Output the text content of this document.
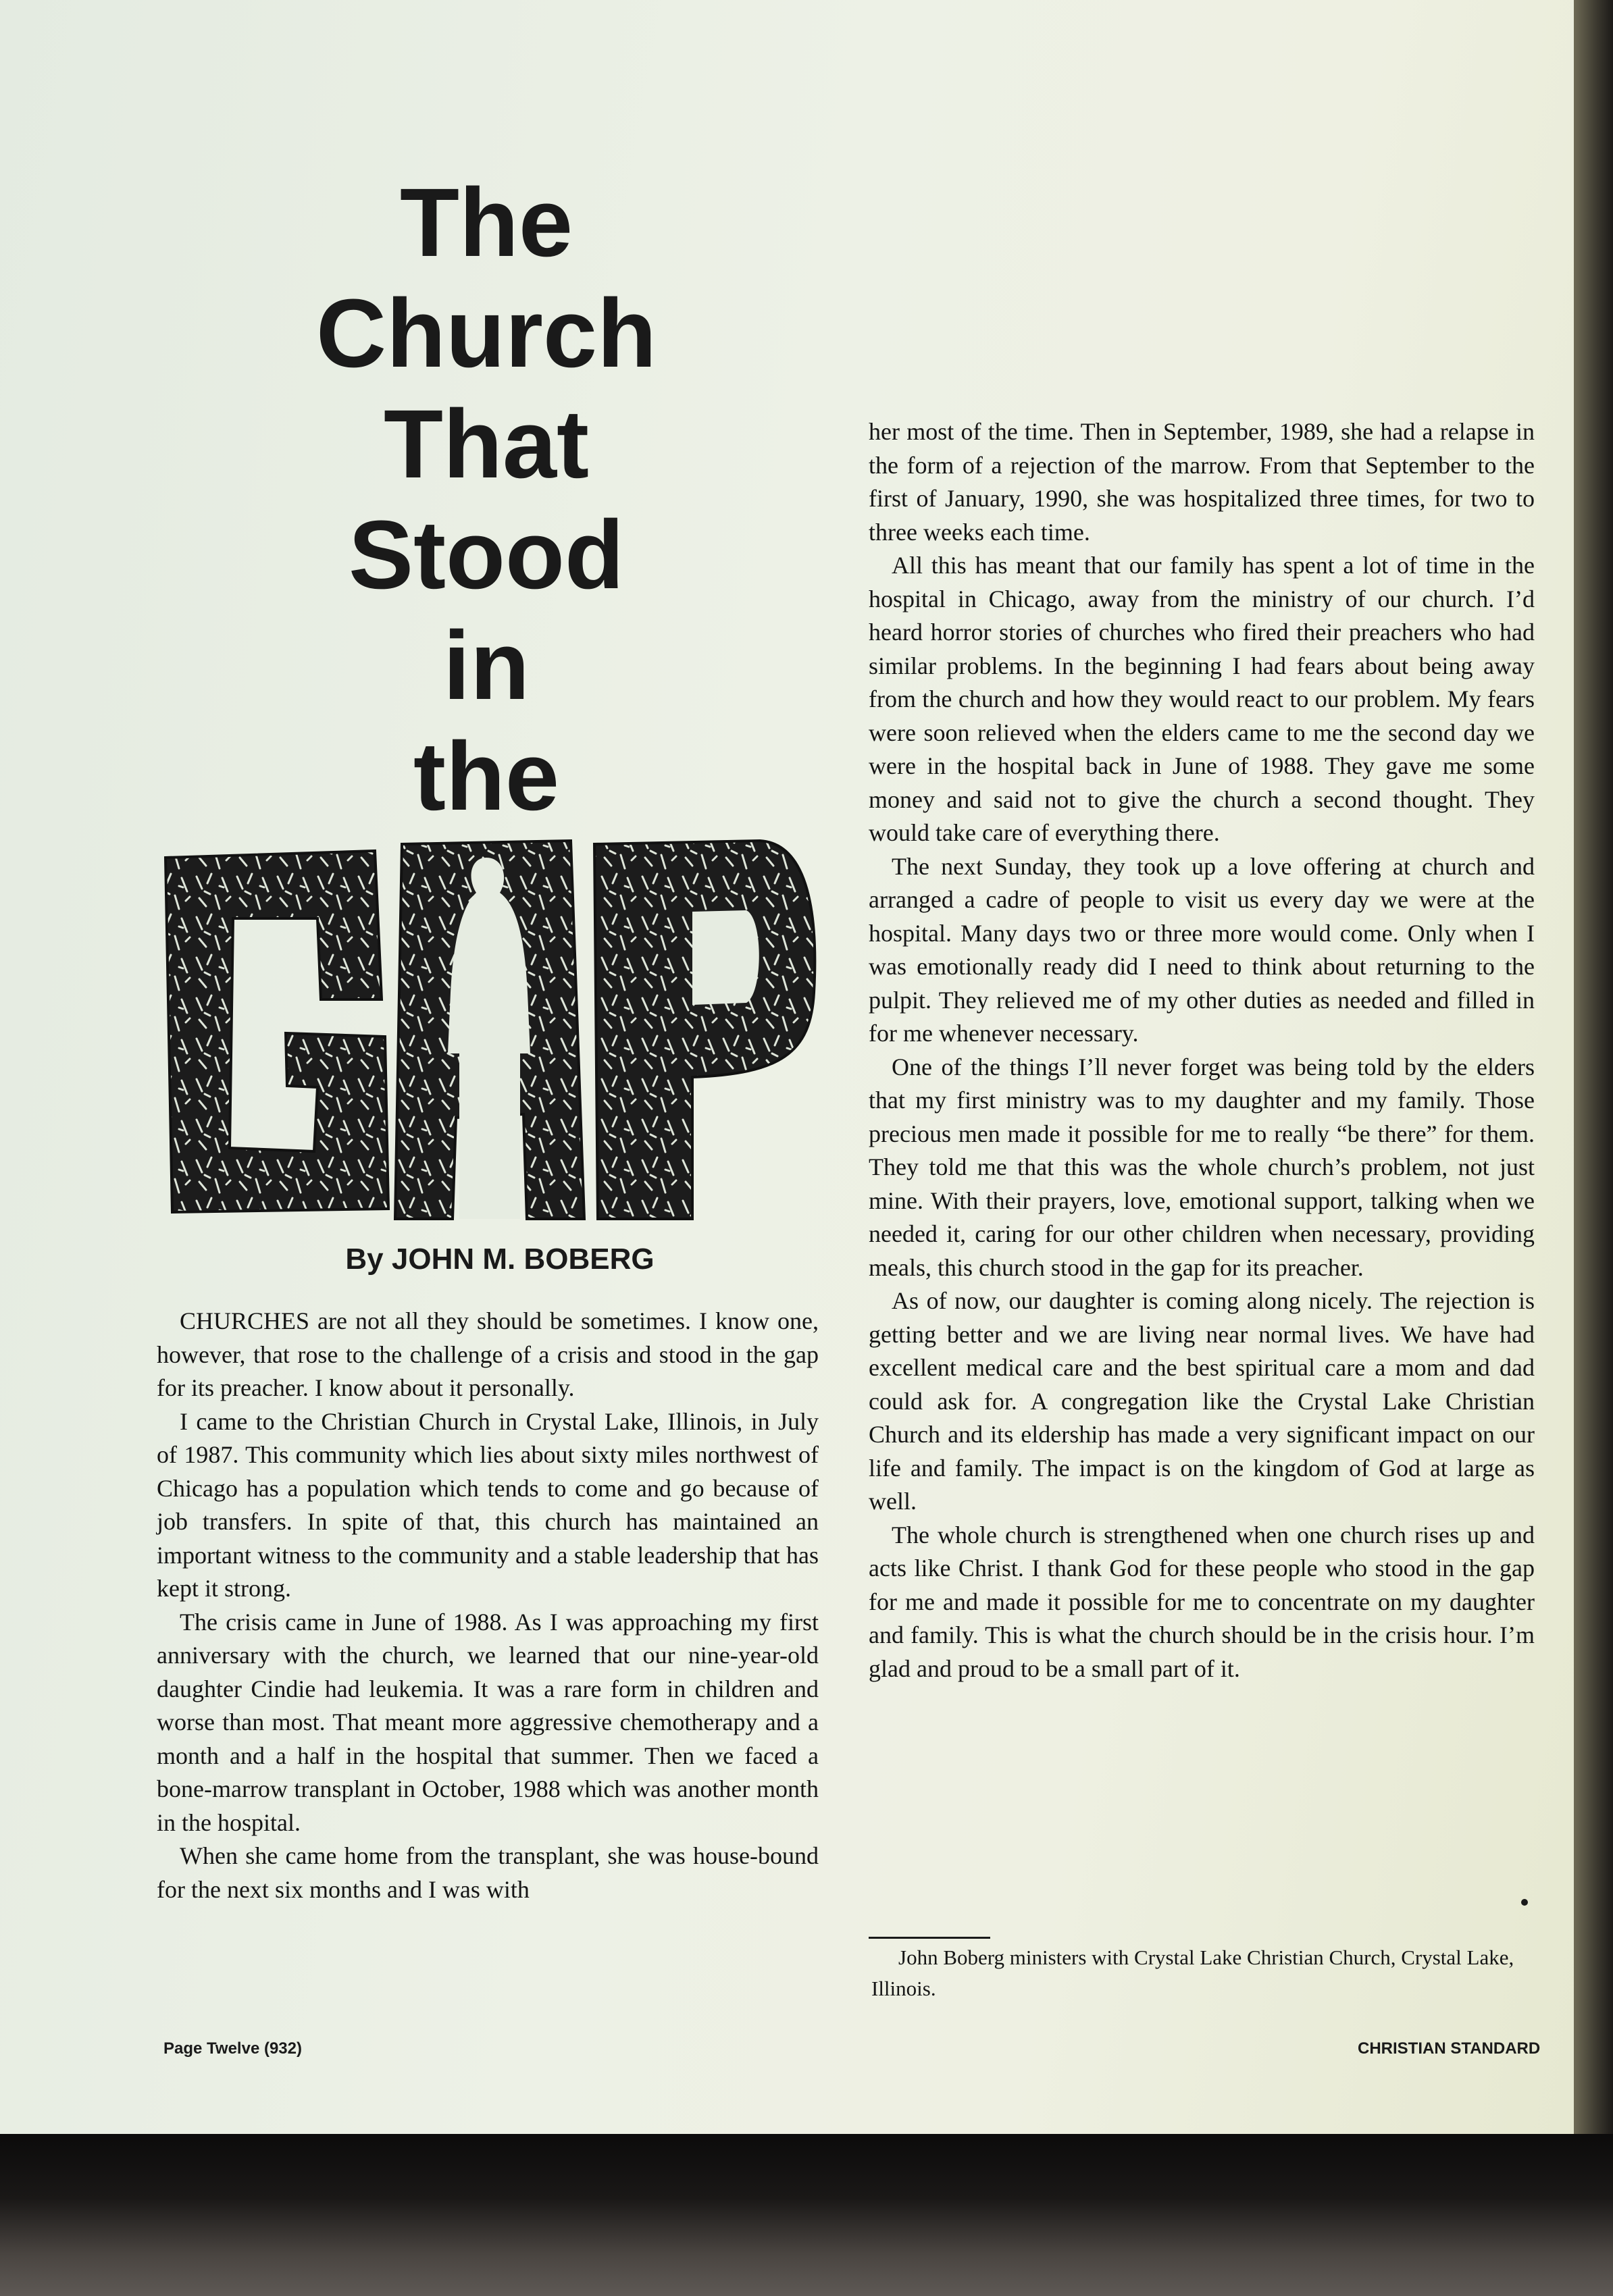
The
Church
That
Stood
in
the
By JOHN M. BOBERG

CHURCHES are not all they should be sometimes. I know one, however, that rose to the challenge of a crisis and stood in the gap for its preacher. I know about it personally.

I came to the Christian Church in Crystal Lake, Illinois, in July of 1987. This community which lies about sixty miles northwest of Chicago has a population which tends to come and go because of job transfers. In spite of that, this church has maintained an important witness to the community and a stable leadership that has kept it strong.

The crisis came in June of 1988. As I was approaching my first anniversary with the church, we learned that our nine-year-old daughter Cindie had leukemia. It was a rare form in children and worse than most. That meant more aggressive chemotherapy and a month and a half in the hospital that summer. Then we faced a bone-marrow transplant in October, 1988 which was another month in the hospital.

When she came home from the transplant, she was house-bound for the next six months and I was with

her most of the time. Then in September, 1989, she had a relapse in the form of a rejection of the marrow. From that September to the first of January, 1990, she was hospitalized three times, for two to three weeks each time.

All this has meant that our family has spent a lot of time in the hospital in Chicago, away from the ministry of our church. I’d heard horror stories of churches who fired their preachers who had similar problems. In the beginning I had fears about being away from the church and how they would react to our problem. My fears were soon relieved when the elders came to me the second day we were in the hospital back in June of 1988. They gave me some money and said not to give the church a second thought. They would take care of everything there.

The next Sunday, they took up a love offering at church and arranged a cadre of people to visit us every day we were at the hospital. Many days two or three more would come. Only when I was emotionally ready did I need to think about returning to the pulpit. They relieved me of my other duties as needed and filled in for me whenever necessary.

One of the things I’ll never forget was being told by the elders that my first ministry was to my daughter and my family. Those precious men made it possible for me to really “be there” for them. They told me that this was the whole church’s problem, not just mine. With their prayers, love, emotional support, talking when we needed it, caring for our other children when necessary, providing meals, this church stood in the gap for its preacher.

As of now, our daughter is coming along nicely. The rejection is getting better and we are living near normal lives. We have had excellent medical care and the best spiritual care a mom and dad could ask for. A congregation like the Crystal Lake Christian Church and its eldership has made a very significant impact on our life and family. The impact is on the kingdom of God at large as well.

The whole church is strengthened when one church rises up and acts like Christ. I thank God for these people who stood in the gap for me and made it possible for me to concentrate on my daughter and family. This is what the church should be in the crisis hour. I’m glad and proud to be a small part of it.

John Boberg ministers with Crystal Lake Christian Church, Crystal Lake, Illinois.
Page Twelve (932)	CHRISTIAN STANDARD
